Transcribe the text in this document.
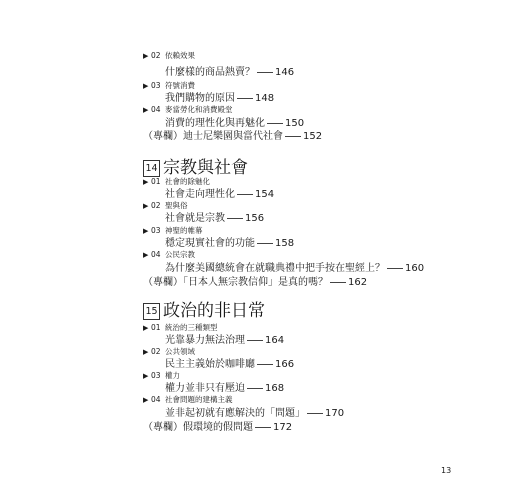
▶ 02 依賴效果
什麼樣的商品熱賣？ 146
▶ 03 符號消費
我們購物的原因 148
▶ 04 麥當勞化和消費殿堂
消費的理性化與再魅化 150
（專欄）迪士尼樂園與當代社會 152
14 宗教與社會
▶ 01 社會的除魅化
社會走向理性化 154
▶ 02 聖與俗
社會就是宗教 156
▶ 03 神聖的帷幕
穩定現實社會的功能 158
▶ 04 公民宗教
為什麼美國總統會在就職典禮中把手按在聖經上？ 160
（專欄）「日本人無宗教信仰」是真的嗎？ 162
15 政治的非日常
▶ 01 統治的三種類型
光靠暴力無法治理 164
▶ 02 公共領域
民主主義始於咖啡廳 166
▶ 03 權力
權力並非只有壓迫 168
▶ 04 社會問題的建構主義
並非起初就有應解決的「問題」 170
（專欄）假環境的假問題 172
13
